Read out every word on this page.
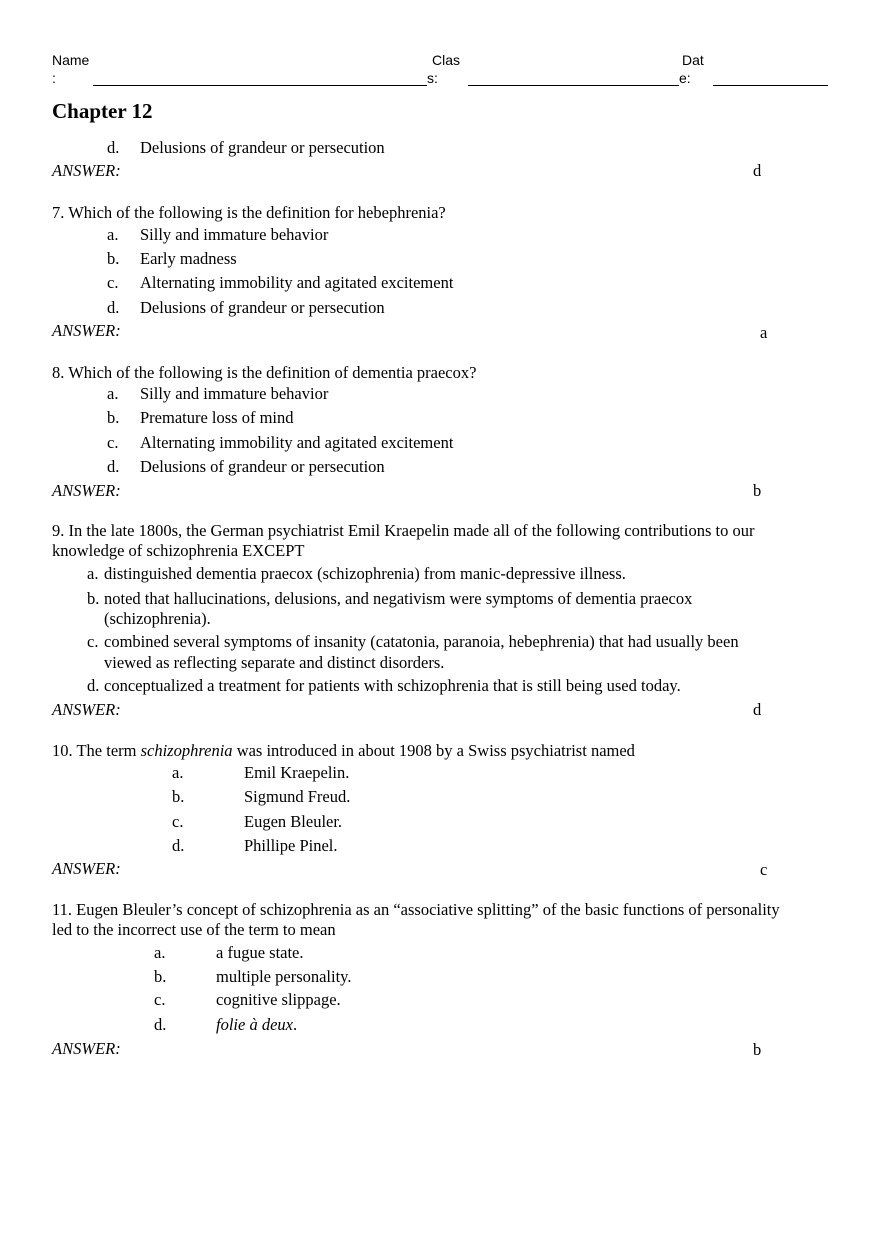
Name
:
Clas
s:
Dat
e:
Chapter 12
d. Delusions of grandeur or persecution
ANSWER:	d
7. Which of the following is the definition for hebephrenia?
a. Silly and immature behavior
b. Early madness
c. Alternating immobility and agitated excitement
d. Delusions of grandeur or persecution
ANSWER:	a
8. Which of the following is the definition of dementia praecox?
a. Silly and immature behavior
b. Premature loss of mind
c. Alternating immobility and agitated excitement
d. Delusions of grandeur or persecution
ANSWER:	b
9. In the late 1800s, the German psychiatrist Emil Kraepelin made all of the following contributions to our
knowledge of schizophrenia EXCEPT
a. distinguished dementia praecox (schizophrenia) from manic-depressive illness.
b. noted that hallucinations, delusions, and negativism were symptoms of dementia praecox
(schizophrenia).
c. combined several symptoms of insanity (catatonia, paranoia, hebephrenia) that had usually been
viewed as reflecting separate and distinct disorders.
d. conceptualized a treatment for patients with schizophrenia that is still being used today.
ANSWER:	d
10. The term schizophrenia was introduced in about 1908 by a Swiss psychiatrist named
a.	Emil Kraepelin.
b.	Sigmund Freud.
c.	Eugen Bleuler.
d.	Phillipe Pinel.
ANSWER:	c
11. Eugen Bleuler’s concept of schizophrenia as an “associative splitting” of the basic functions of personality
led to the incorrect use of the term to mean
a.	a fugue state.
b.	multiple personality.
c.	cognitive slippage.
d.	folie à deux.
ANSWER:	b
